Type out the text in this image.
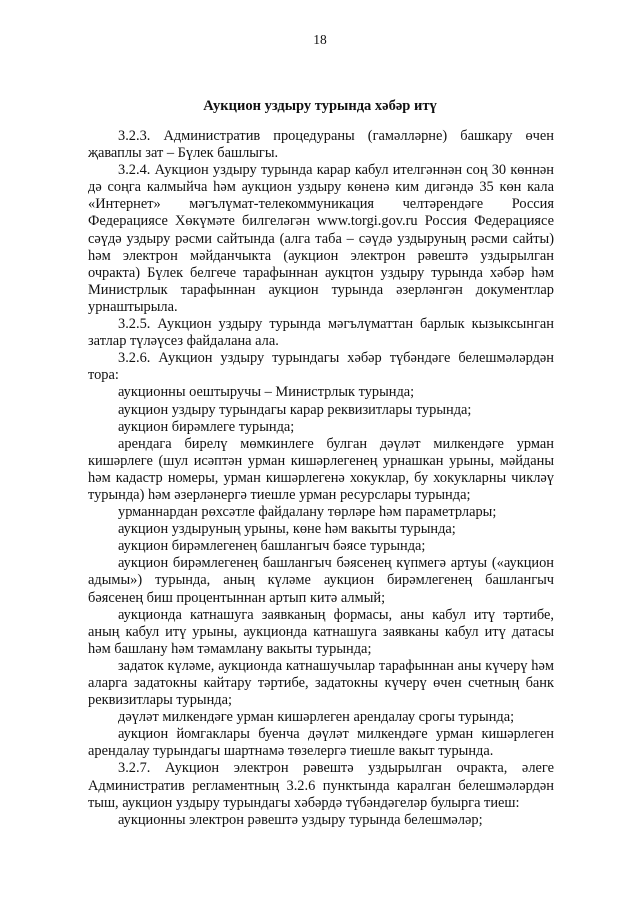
18
Аукцион уздыру турында хәбәр итү

3.2.3. Административ процедураны (гамәлләрне) башкару өчен җаваплы зат – Бүлек башлыгы.

3.2.4. Аукцион уздыру турында карар кабул ителгәннән соң 30 көннән дә соңга калмыйча һәм аукцион уздыру көненә ким дигәндә 35 көн кала «Интернет» мәгълүмат-телекоммуникация челтәрендәге Россия Федерациясе Хөкүмәте билгеләгән www.torgi.gov.ru Россия Федерациясе сәүдә уздыру рәсми сайтында (алга таба – сәүдә уздыруның рәсми сайты) һәм электрон мәйданчыкта (аукцион электрон рәвештә уздырылган очракта) Бүлек белгече тарафыннан аукцтон уздыру турында хәбәр һәм Министрлык тарафыннан аукцион турында әзерләнгән документлар урнаштырыла.

3.2.5. Аукцион уздыру турында мәгълүматтан барлык кызыксынган затлар түләүсез файдалана ала.

3.2.6. Аукцион уздыру турындагы хәбәр түбәндәге белешмәләрдән тора:

аукционны оештыручы – Министрлык турында;

аукцион уздыру турындагы карар реквизитлары турында;

аукцион бирәмлеге турында;

арендага бирелү мөмкинлеге булган дәүләт милкендәге урман кишәрлеге (шул исәптән урман кишәрлегенең урнашкан урыны, мәйданы һәм кадастр номеры, урман кишәрлегенә хокуклар, бу хокукларны чикләү турында) һәм әзерләнергә тиешле урман ресурслары турында;

урманнардан рөхсәтле файдалану төрләре һәм параметрлары;

аукцион уздыруның урыны, көне һәм вакыты турында;

аукцион бирәмлегенең башлангыч бәясе турында;

аукцион бирәмлегенең башлангыч бәясенең күпмегә артуы («аукцион адымы») турында, аның күләме аукцион бирәмлегенең башлангыч бәясенең биш процентыннан артып китә алмый;

аукционда катнашуга заявканың формасы, аны кабул итү тәртибе, аның кабул итү урыны, аукционда катнашуга заявканы кабул итү датасы һәм башлану һәм тәмамлану вакыты турында;

задаток күләме, аукционда катнашучылар тарафыннан аны күчерү һәм аларга задатокны кайтару тәртибе, задатокны күчерү өчен счетның банк реквизитлары турында;

дәүләт милкендәге урман кишәрлеген арендалау срогы турында;

аукцион йомгаклары буенча дәүләт милкендәге урман кишәрлеген арендалау турындагы шартнамә төзелергә тиешле вакыт турында.

3.2.7. Аукцион электрон рәвештә уздырылган очракта, әлеге Административ регламентның 3.2.6 пунктында каралган белешмәләрдән тыш, аукцион уздыру турындагы хәбәрдә түбәндәгеләр булырга тиеш:

аукционны электрон рәвештә уздыру турында белешмәләр;
